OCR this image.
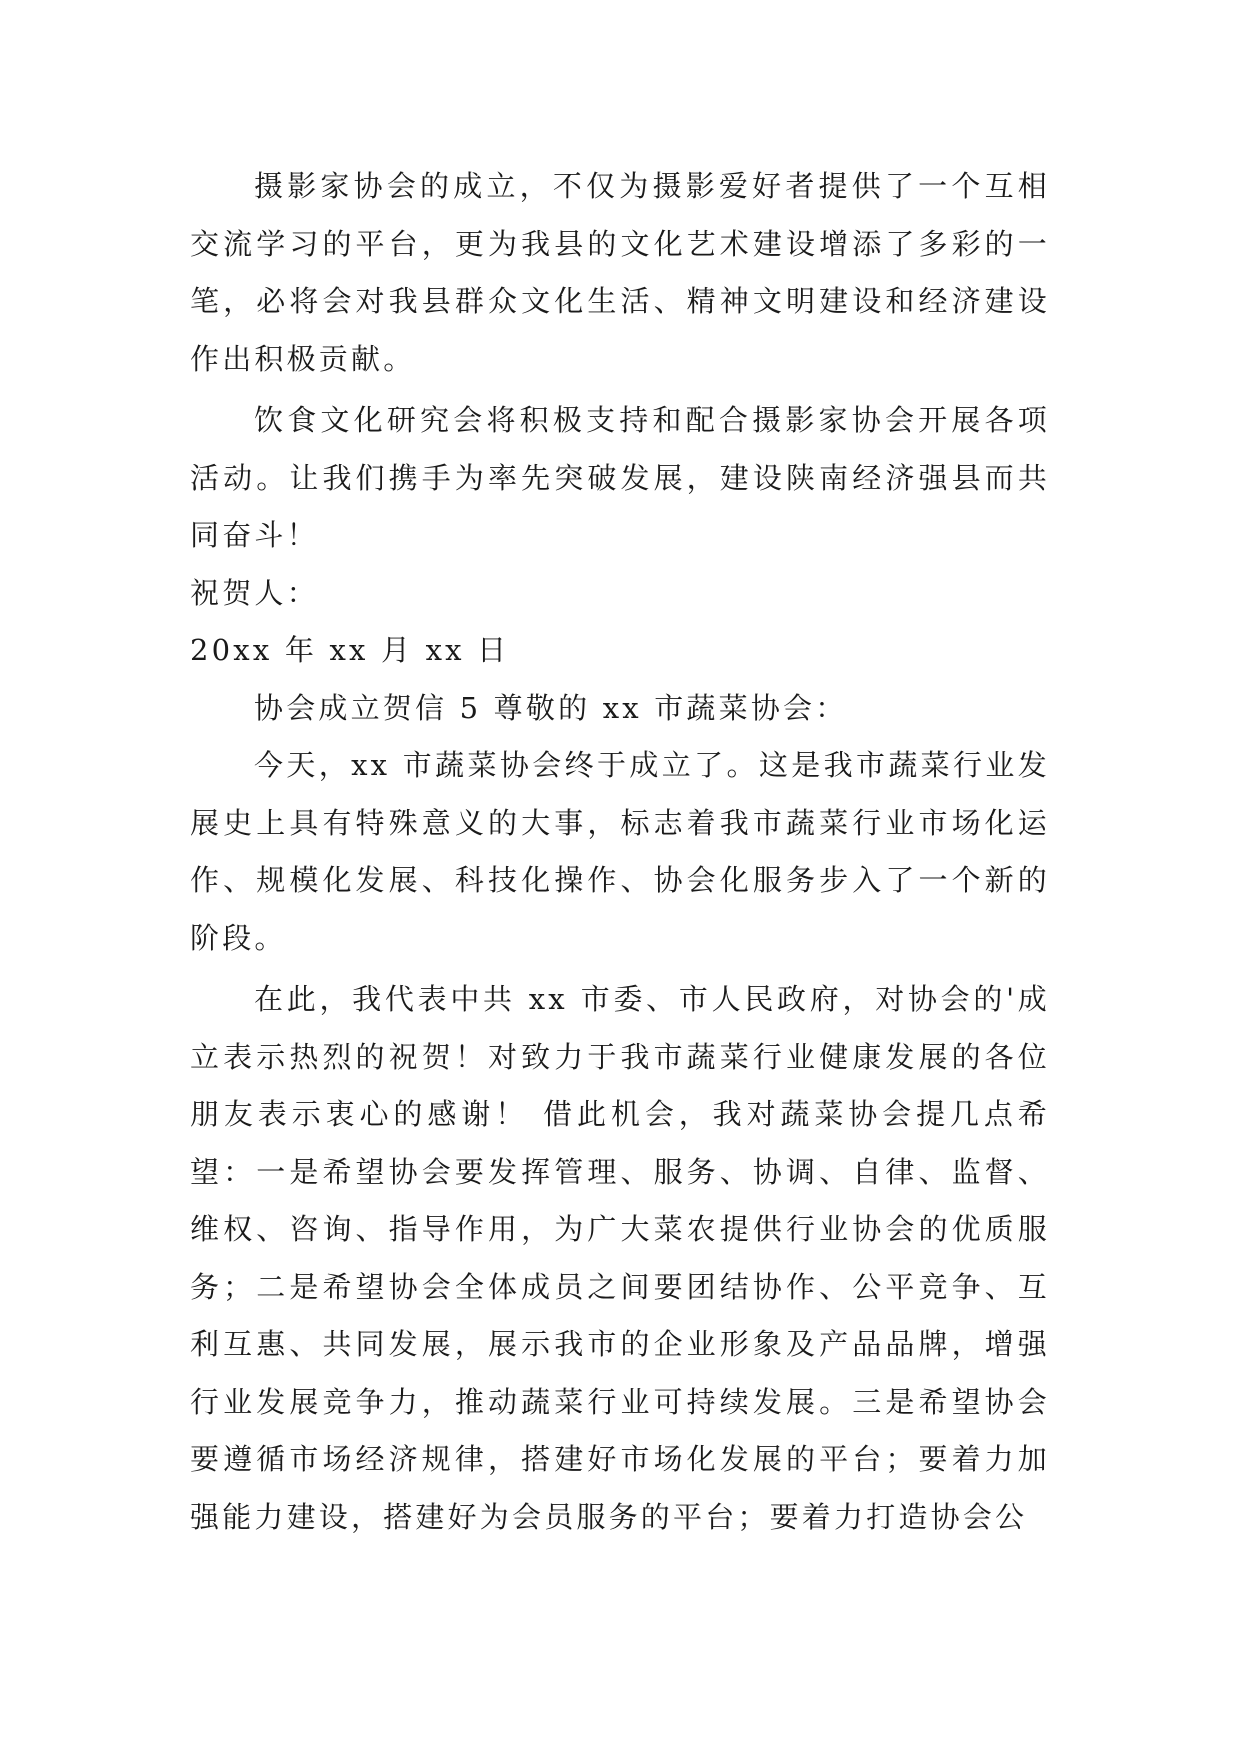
摄影家协会的成立，不仅为摄影爱好者提供了一个互相交流学习的平台，更为我县的文化艺术建设增添了多彩的一笔，必将会对我县群众文化生活、精神文明建设和经济建设作出积极贡献。

饮食文化研究会将积极支持和配合摄影家协会开展各项活动。让我们携手为率先突破发展，建设陕南经济强县而共同奋斗！

祝贺人：

20xx 年 xx 月 xx 日

协会成立贺信 5 尊敬的 xx 市蔬菜协会：

今天，xx 市蔬菜协会终于成立了。这是我市蔬菜行业发展史上具有特殊意义的大事，标志着我市蔬菜行业市场化运作、规模化发展、科技化操作、协会化服务步入了一个新的阶段。

在此，我代表中共 xx 市委、市人民政府，对协会的'成立表示热烈的祝贺！对致力于我市蔬菜行业健康发展的各位朋友表示衷心的感谢！ 借此机会，我对蔬菜协会提几点希望：一是希望协会要发挥管理、服务、协调、自律、监督、维权、咨询、指导作用，为广大菜农提供行业协会的优质服务；二是希望协会全体成员之间要团结协作、公平竞争、互利互惠、共同发展，展示我市的企业形象及产品品牌，增强行业发展竞争力，推动蔬菜行业可持续发展。三是希望协会要遵循市场经济规律，搭建好市场化发展的平台；要着力加强能力建设，搭建好为会员服务的平台；要着力打造协会公
